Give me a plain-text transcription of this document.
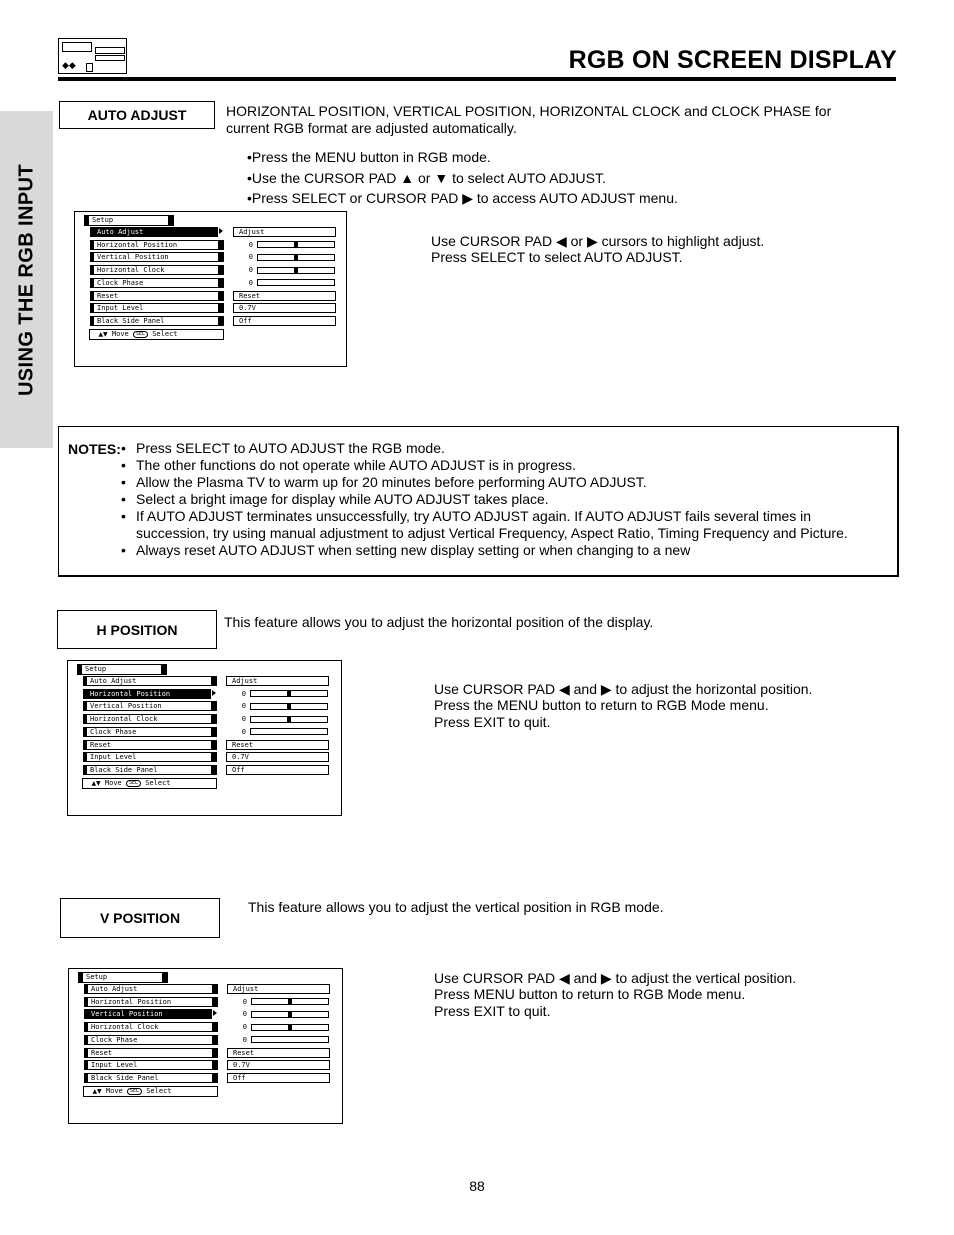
◆◆	RGB ON SCREEN DISPLAY
USING THE RGB INPUT
AUTO ADJUST	HORIZONTAL POSITION, VERTICAL POSITION, HORIZONTAL CLOCK and CLOCK PHASE for current RGB format are adjusted automatically.
•Press the MENU button in RGB mode.
•Use the CURSOR PAD ▲ or ▼ to select AUTO ADJUST.
•Press SELECT or CURSOR PAD ▶ to access AUTO ADJUST menu.
Setup
Auto Adjust	Adjust
Horizontal Position	0
Vertical Position	0
Horizontal Clock	0
Clock Phase	0
Reset	Reset
Input Level	0.7V
Black Side Panel	Off
▲▼ Move SEL Select
Use CURSOR PAD ◀ or ▶ cursors to highlight adjust.
Press SELECT to select AUTO ADJUST.
NOTES:	• Press SELECT to AUTO ADJUST the RGB mode.
• The other functions do not operate while AUTO ADJUST is in progress.
• Allow the Plasma TV to warm up for 20 minutes before performing AUTO ADJUST.
• Select a bright image for display while AUTO ADJUST takes place.
• If AUTO ADJUST terminates unsuccessfully, try AUTO ADJUST again. If AUTO ADJUST fails several times in succession, try using manual adjustment to adjust Vertical Frequency, Aspect Ratio, Timing Frequency and Picture.
• Always reset AUTO ADJUST when setting new display setting or when changing to a new
H POSITION	This feature allows you to adjust the horizontal position of the display.
Setup
Auto Adjust	Adjust
Horizontal Position	0
Vertical Position	0
Horizontal Clock	0
Clock Phase	0
Reset	Reset
Input Level	0.7V
Black Side Panel	Off
▲▼ Move SEL Select
Use CURSOR PAD ◀ and ▶ to adjust the horizontal position.
Press the MENU button to return to RGB Mode menu.
Press EXIT to quit.
V POSITION
This feature allows you to adjust the vertical position in RGB mode.
Setup
Auto Adjust	Adjust
Horizontal Position	0
Vertical Position	0
Horizontal Clock	0
Clock Phase	0
Reset	Reset
Input Level	0.7V
Black Side Panel	Off
▲▼ Move SEL Select
Use CURSOR PAD ◀ and ▶ to adjust the vertical position.
Press MENU button to return to RGB Mode menu.
Press EXIT to quit.
88
